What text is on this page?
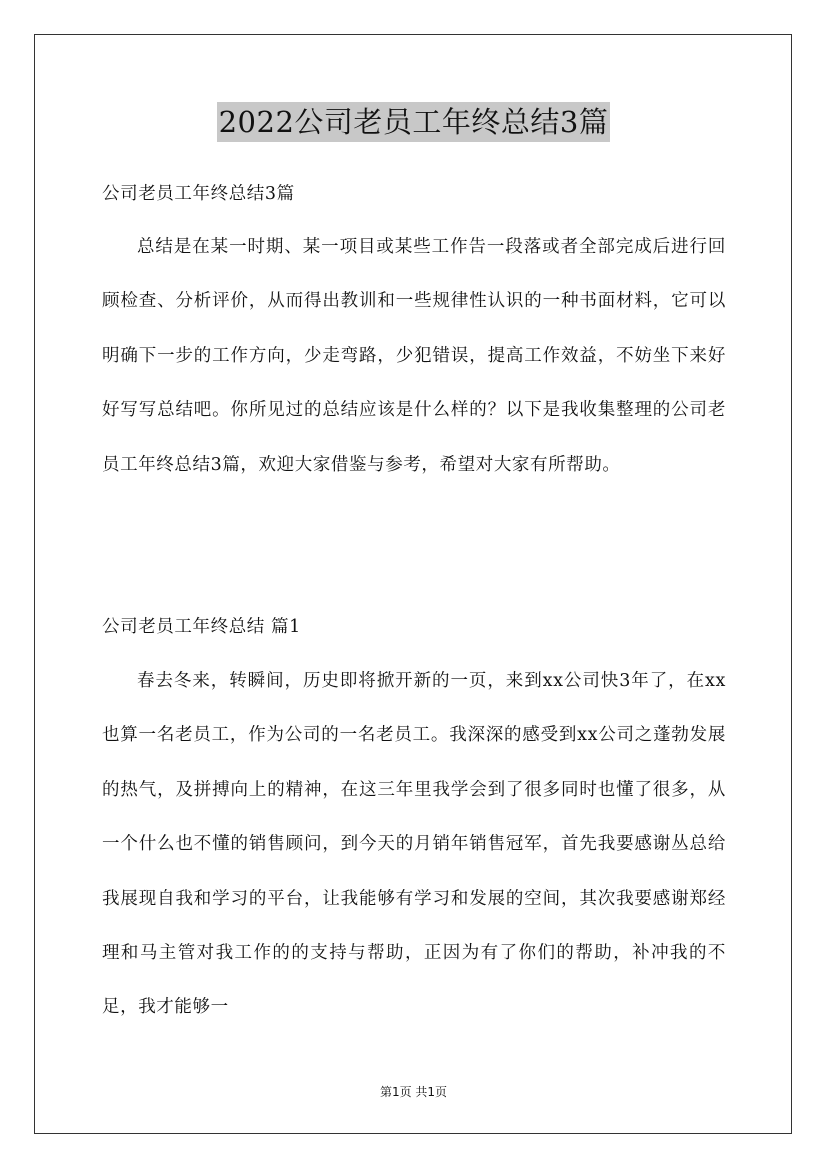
2022公司老员工年终总结3篇

公司老员工年终总结3篇

总结是在某一时期、某一项目或某些工作告一段落或者全部完成后进行回顾检查、分析评价，从而得出教训和一些规律性认识的一种书面材料，它可以明确下一步的工作方向，少走弯路，少犯错误，提高工作效益，不妨坐下来好好写写总结吧。你所见过的总结应该是什么样的？以下是我收集整理的公司老员工年终总结3篇，欢迎大家借鉴与参考，希望对大家有所帮助。

公司老员工年终总结 篇1

春去冬来，转瞬间，历史即将掀开新的一页，来到xx公司快3年了，在xx也算一名老员工，作为公司的一名老员工。我深深的感受到xx公司之蓬勃发展的热气，及拼搏向上的精神，在这三年里我学会到了很多同时也懂了很多，从一个什么也不懂的销售顾问，到今天的月销年销售冠军，首先我要感谢丛总给我展现自我和学习的平台，让我能够有学习和发展的空间，其次我要感谢郑经理和马主管对我工作的的支持与帮助，正因为有了你们的帮助，补冲我的不足，我才能够一

第1页 共1页
